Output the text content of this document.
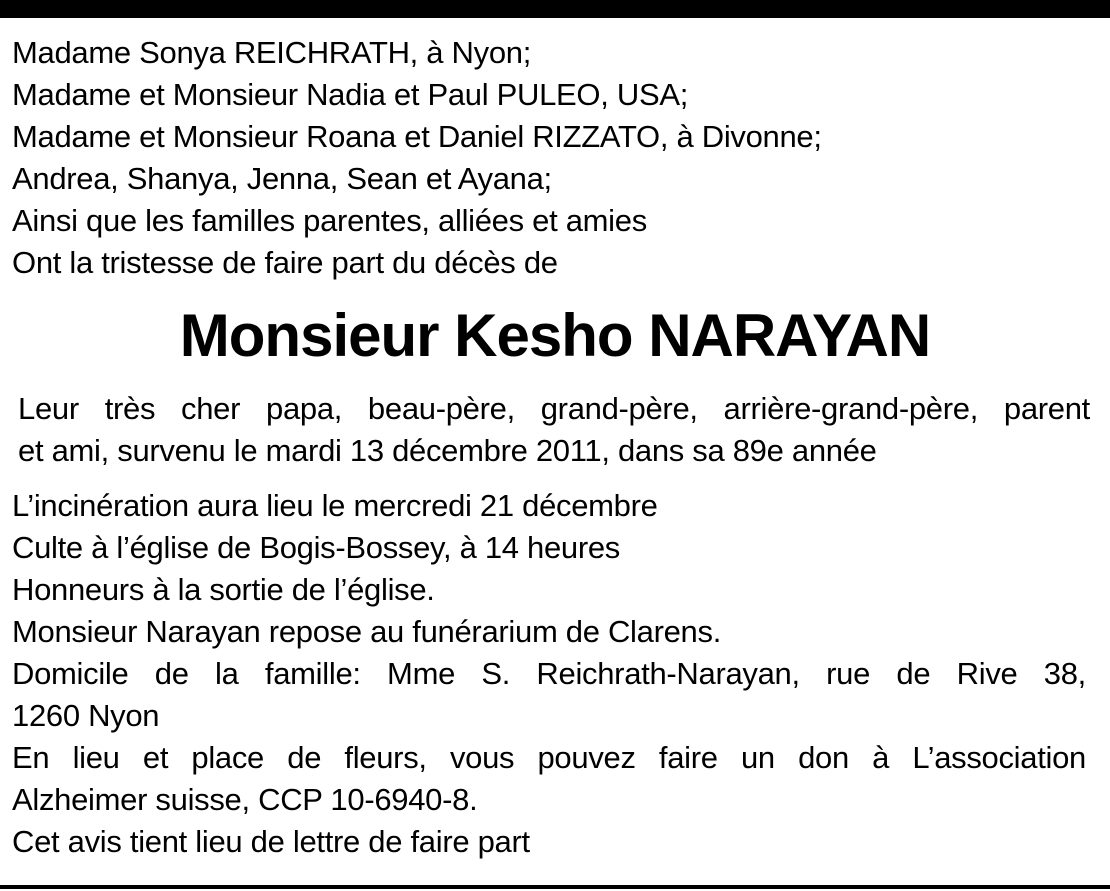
Madame Sonya REICHRATH, à Nyon;

Madame et Monsieur Nadia et Paul PULEO, USA;

Madame et Monsieur Roana et Daniel RIZZATO, à Divonne;

Andrea, Shanya, Jenna, Sean et Ayana;

Ainsi que les familles parentes, alliées et amies

Ont la tristesse de faire part du décès de

Monsieur Kesho NARAYAN

Leur très cher papa, beau-père, grand-père, arrière-grand-père, parent

et ami, survenu le mardi 13 décembre 2011, dans sa 89e année

L’incinération aura lieu le mercredi 21 décembre

Culte à l’église de Bogis-Bossey, à 14 heures

Honneurs à la sortie de l’église.

Monsieur Narayan repose au funérarium de Clarens.

Domicile de la famille: Mme S. Reichrath-Narayan, rue de Rive 38,

1260 Nyon

En lieu et place de fleurs, vous pouvez faire un don à L’association

Alzheimer suisse, CCP 10-6940-8.

Cet avis tient lieu de lettre de faire part
